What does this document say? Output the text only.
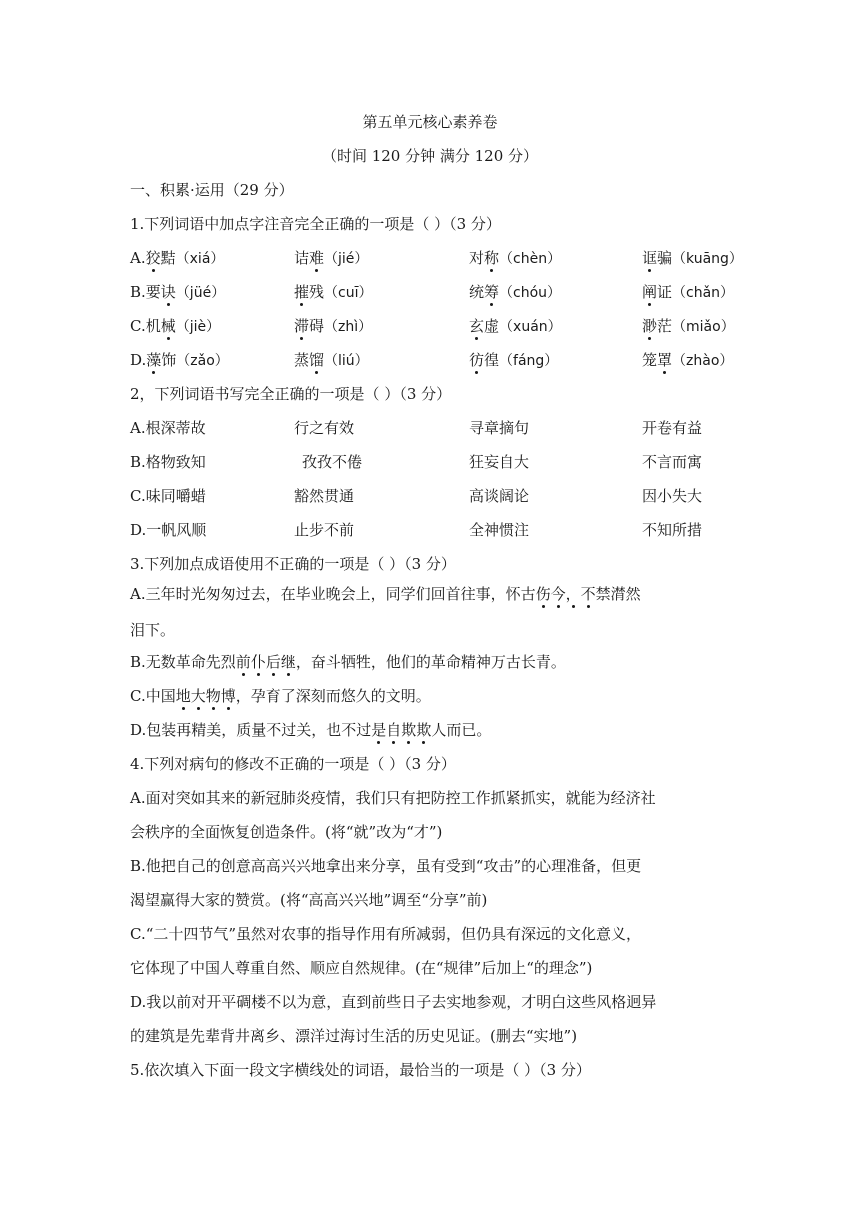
第五单元核心素养卷
（时间 120 分钟 满分 120 分）
一、积累·运用（29 分）
1.下列词语中加点字注音完全正确的一项是（ ）（3 分）
A.狡黠（xiá）	诘难（jié）	对称（chèn）	诓骗（kuāng）
B.要诀（jüé）	摧残（cuī）	统筹（chóu）	阐证（chǎn）
C.机械（jiè）	滞碍（zhì）	玄虚（xuán）	渺茫（miǎo）
D.藻饰（zǎo）	蒸馏（liú）	彷徨（fáng）	笼罩（zhào）
2，下列词语书写完全正确的一项是（ ）（3 分）
A.根深蒂故	行之有效	寻章摘句	开卷有益
B.格物致知	孜孜不倦	狂妄自大	不言而寓
C.味同嚼蜡	豁然贯通	高谈阔论	因小失大
D.一帆风顺	止步不前	全神惯注	不知所措
3.下列加点成语使用不正确的一项是（ ）（3 分）
A.三年时光匆匆过去，在毕业晚会上，同学们回首往事，怀古伤今，不禁潸然
泪下。
B.无数革命先烈前仆后继，奋斗牺牲，他们的革命精神万古长青。
C.中国地大物博，孕育了深刻而悠久的文明。
D.包装再精美，质量不过关，也不过是自欺欺人而已。
4.下列对病句的修改不正确的一项是（ ）（3 分）
A.面对突如其来的新冠肺炎疫情，我们只有把防控工作抓紧抓实，就能为经济社
会秩序的全面恢复创造条件。(将“就”改为“才”)
B.他把自己的创意高高兴兴地拿出来分享，虽有受到“攻击”的心理准备，但更
渴望赢得大家的赞赏。(将“高高兴兴地”调至“分享”前)
C.“二十四节气”虽然对农事的指导作用有所减弱，但仍具有深远的文化意义，
它体现了中国人尊重自然、顺应自然规律。(在“规律”后加上“的理念”)
D.我以前对开平碉楼不以为意，直到前些日子去实地参观，才明白这些风格迥异
的建筑是先辈背井离乡、漂洋过海讨生活的历史见证。(删去“实地”)
5.依次填入下面一段文字横线处的词语，最恰当的一项是（ ）（3 分）
